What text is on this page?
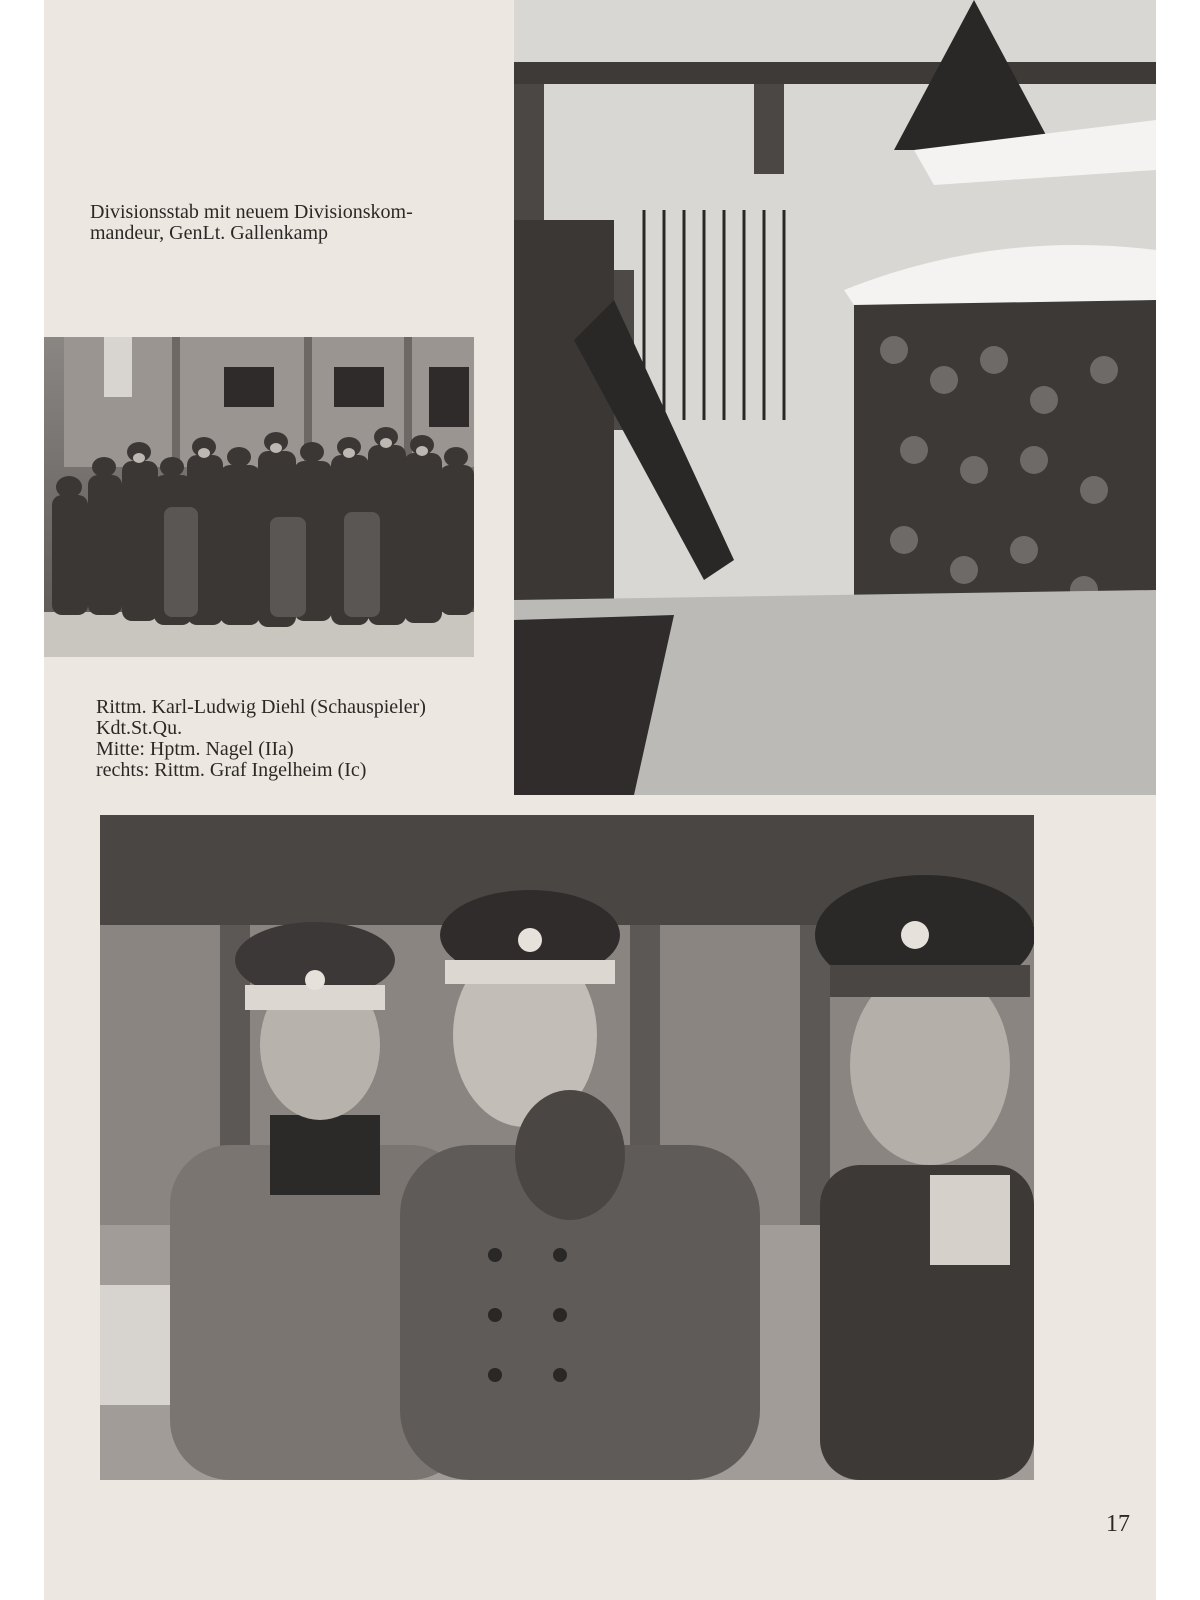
Divisionsstab mit neuem Divisionskom-
mandeur, GenLt. Gallenkamp
Rittm. Karl-Ludwig Diehl (Schauspieler)
Kdt.St.Qu.
Mitte: Hptm. Nagel (IIa)
rechts: Rittm. Graf Ingelheim (Ic)
17
